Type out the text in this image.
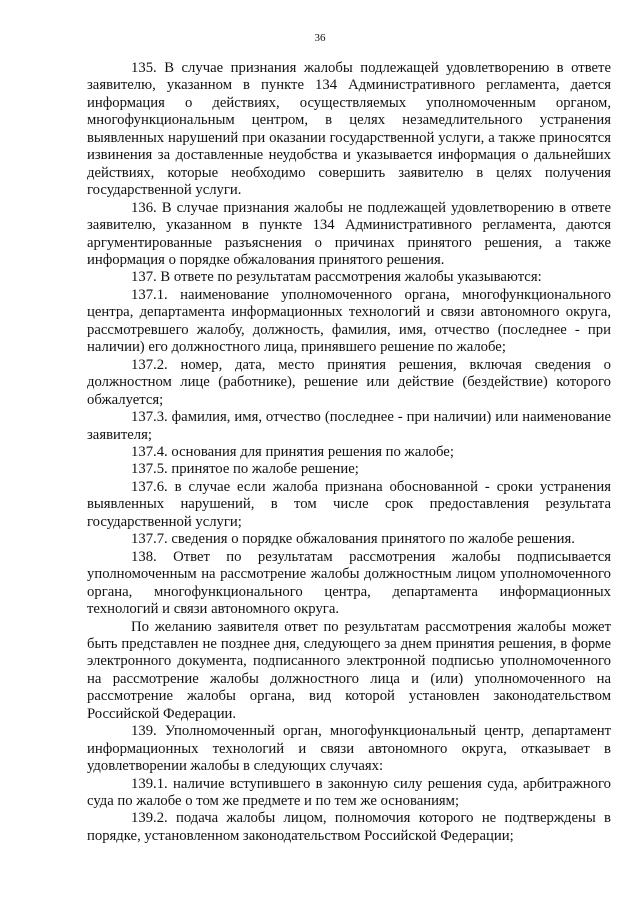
36

135. В случае признания жалобы подлежащей удовлетворению в ответе заявителю, указанном в пункте 134 Административного регламента, дается информация о действиях, осуществляемых уполномоченным органом, многофункциональным центром, в целях незамедлительного устранения выявленных нарушений при оказании государственной услуги, а также приносятся извинения за доставленные неудобства и указывается информация о дальнейших действиях, которые необходимо совершить заявителю в целях получения государственной услуги.

136. В случае признания жалобы не подлежащей удовлетворению в ответе заявителю, указанном в пункте 134 Административного регламента, даются аргументированные разъяснения о причинах принятого решения, а также информация о порядке обжалования принятого решения.

137. В ответе по результатам рассмотрения жалобы указываются:

137.1. наименование уполномоченного органа, многофункционального центра, департамента информационных технологий и связи автономного округа, рассмотревшего жалобу, должность, фамилия, имя, отчество (последнее - при наличии) его должностного лица, принявшего решение по жалобе;

137.2. номер, дата, место принятия решения, включая сведения о должностном лице (работнике), решение или действие (бездействие) которого обжалуется;

137.3. фамилия, имя, отчество (последнее - при наличии) или наименование заявителя;

137.4. основания для принятия решения по жалобе;

137.5. принятое по жалобе решение;

137.6. в случае если жалоба признана обоснованной - сроки устранения выявленных нарушений, в том числе срок предоставления результата государственной услуги;

137.7. сведения о порядке обжалования принятого по жалобе решения.

138. Ответ по результатам рассмотрения жалобы подписывается уполномоченным на рассмотрение жалобы должностным лицом уполномоченного органа, многофункционального центра, департамента информационных технологий и связи автономного округа.

По желанию заявителя ответ по результатам рассмотрения жалобы может быть представлен не позднее дня, следующего за днем принятия решения, в форме электронного документа, подписанного электронной подписью уполномоченного на рассмотрение жалобы должностного лица и (или) уполномоченного на рассмотрение жалобы органа, вид которой установлен законодательством Российской Федерации.

139. Уполномоченный орган, многофункциональный центр, департамент информационных технологий и связи автономного округа, отказывает в удовлетворении жалобы в следующих случаях:

139.1. наличие вступившего в законную силу решения суда, арбитражного суда по жалобе о том же предмете и по тем же основаниям;

139.2. подача жалобы лицом, полномочия которого не подтверждены в порядке, установленном законодательством Российской Федерации;
